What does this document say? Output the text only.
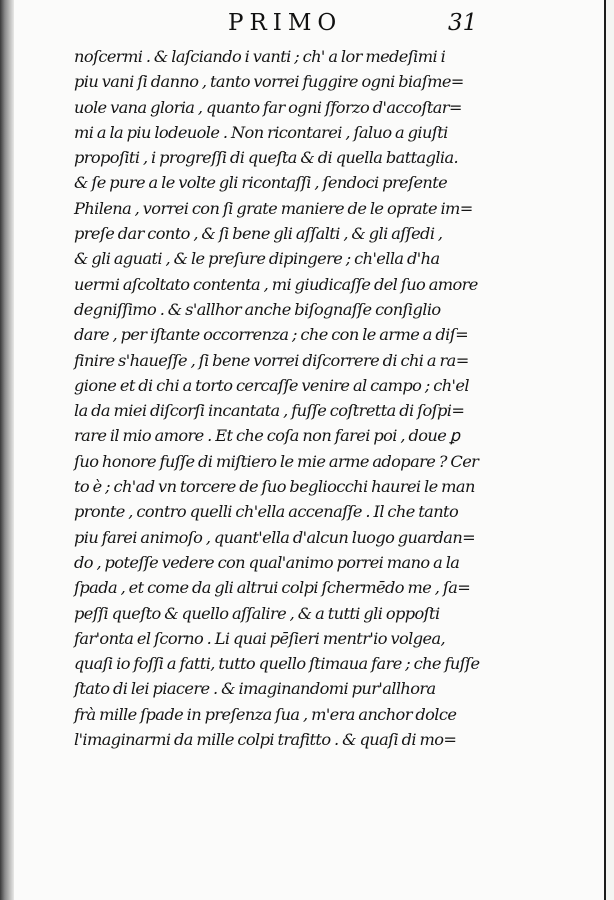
PRIMO	31
noſcermi . & laſciando i vanti ; ch' a lor medeſimi i
piu vani ſi danno , tanto vorrei fuggire ogni biaſme=
uole vana gloria , quanto far ogni ſforzo d'accoſtar=
mi a la piu lodeuole . Non ricontarei , ſaluo a giuſti
propoſiti , i progreſſi di queſta & di quella battaglia.
& ſe pure a le volte gli ricontaſſi , ſendoci preſente
Philena , vorrei con ſi grate maniere de le oprate im=
preſe dar conto , & ſi bene gli aſſalti , & gli aſſedi ,
& gli aguati , & le preſure dipingere ; ch'ella d'ha
uermi aſcoltato contenta , mi giudicaſſe del ſuo amore
degniſſimo . & s'allhor anche biſognaſſe conſiglio
dare , per iſtante occorrenza ; che con le arme a diſ=
finire s'haueſſe , ſi bene vorrei diſcorrere di chi a ra=
gione et di chi a torto cercaſſe venire al campo ; ch'el
la da miei diſcorſi incantata , fuſſe coſtretta di ſoſpi=
rare il mio amore . Et che coſa non farei poi , doue ꝑ
ſuo honore fuſſe di miſtiero le mie arme adopare ? Cer
to è ; ch'ad vn torcere de ſuo begliocchi haurei le man
pronte , contro quelli ch'ella accenaſſe . Il che tanto
piu farei animoſo , quant'ella d'alcun luogo guardan=
do , poteſſe vedere con qual'animo porrei mano a la
ſpada , et come da gli altrui colpi ſchermēdo me , ſa=
peſſi queſto & quello aſſalire , & a tutti gli oppoſti
far'onta el ſcorno . Li quai pēſieri mentr'io volgea,
quaſi io foſſi a fatti, tutto quello ſtimaua fare ; che fuſſe
ſtato di lei piacere . & imaginandomi pur'allhora
frà mille ſpade in preſenza ſua , m'era anchor dolce
l'imaginarmi da mille colpi trafitto . & quaſi di mo=
